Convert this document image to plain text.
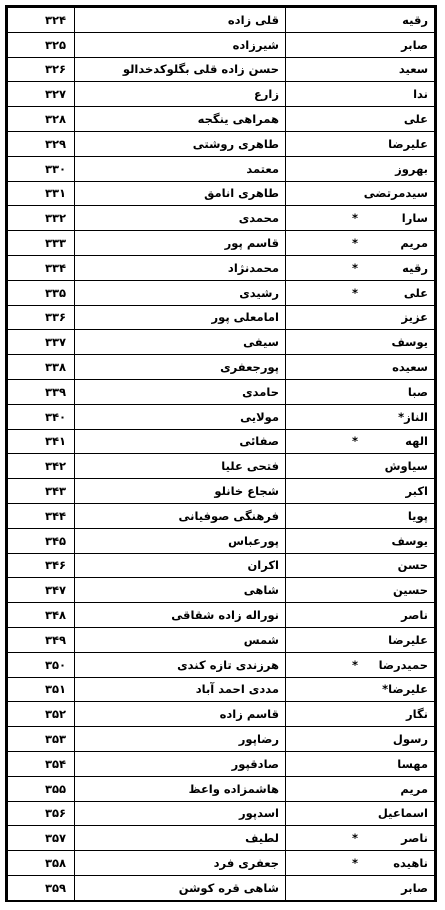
۳۲۴	قلی زاده	رقیه
۳۲۵	شیرزاده	صابر
۳۲۶	حسن زاده قلی بگلوکدخدالو	سعید
۳۲۷	زارع	ندا
۳۲۸	همراهی ینگجه	علی
۳۲۹	طاهری روشتی	علیرضا
۳۳۰	معتمد	بهروز
۳۳۱	طاهری انامق	سیدمرتضی
۳۳۲	محمدی	سارا*
۳۳۳	قاسم پور	مریم*
۳۳۴	محمدنژاد	رقیه*
۳۳۵	رشیدی	علی*
۳۳۶	امامعلی پور	عزیز
۳۳۷	سیفی	یوسف
۳۳۸	پورجعفری	سعیده
۳۳۹	حامدی	صبا
۳۴۰	مولایی	الناز*
۳۴۱	صفائی	الهه*
۳۴۲	فتحی علیا	سیاوش
۳۴۳	شجاع خانلو	اکبر
۳۴۴	فرهنگی صوفیانی	پویا
۳۴۵	پورعباس	یوسف
۳۴۶	اکران	حسن
۳۴۷	شاهی	حسین
۳۴۸	نوراله زاده شقاقی	ناصر
۳۴۹	شمس	علیرضا
۳۵۰	هرزندی تازه کندی	حمیدرضا*
۳۵۱	مددی احمد آباد	علیرضا*
۳۵۲	قاسم زاده	نگار
۳۵۳	رضاپور	رسول
۳۵۴	صادقپور	مهسا
۳۵۵	هاشمزاده واعظ	مریم
۳۵۶	اسدپور	اسماعیل
۳۵۷	لطیف	ناصر*
۳۵۸	جعفری فرد	ناهیده*
۳۵۹	شاهی قره کوشن	صابر
